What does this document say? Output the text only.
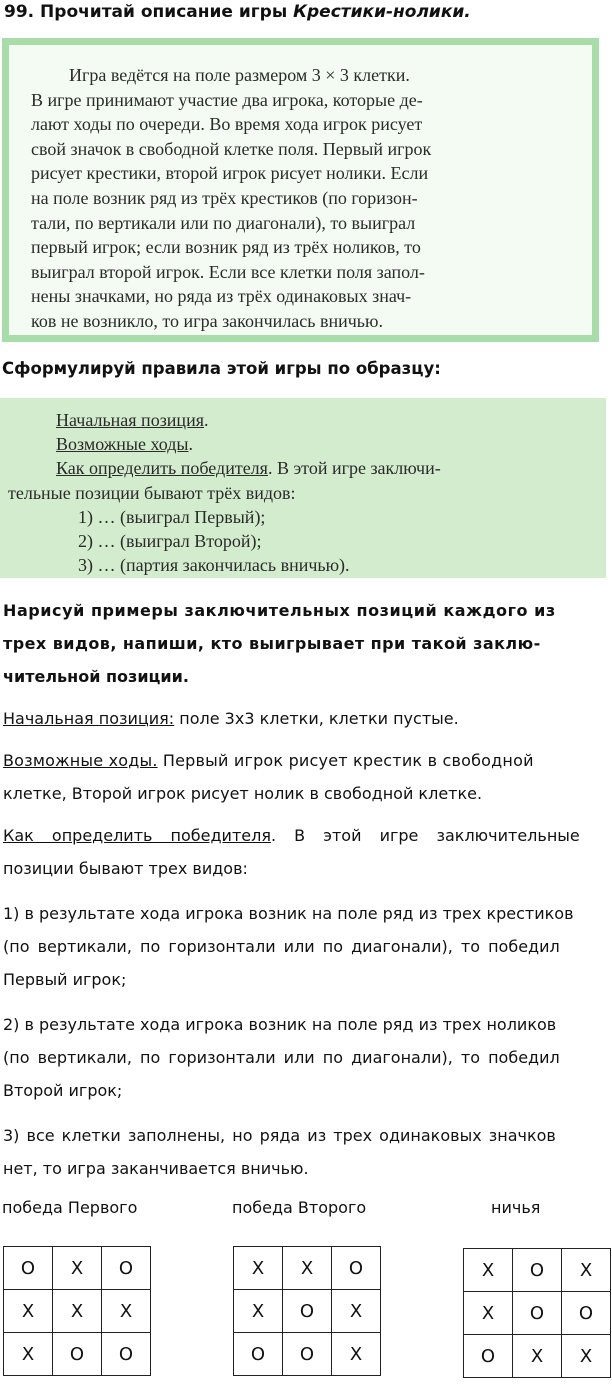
99. Прочитай описание игры Крестики-нолики.
Игра ведётся на поле размером 3 × 3 клетки.
В игре принимают участие два игрока, которые де-
лают ходы по очереди. Во время хода игрок рисует
свой значок в свободной клетке поля. Первый игрок
рисует крестики, второй игрок рисует нолики. Если
на поле возник ряд из трёх крестиков (по горизон-
тали, по вертикали или по диагонали), то выиграл
первый игрок; если возник ряд из трёх ноликов, то
выиграл второй игрок. Если все клетки поля запол-
нены значками, но ряда из трёх одинаковых знач-
ков не возникло, то игра закончилась вничью.
Сформулируй правила этой игры по образцу:
Начальная позиция.
Возможные ходы.
Как определить победителя. В этой игре заключи-
тельные позиции бывают трёх видов:
1) … (выиграл Первый);
2) … (выиграл Второй);
3) … (партия закончилась вничью).
Нарисуй примеры заключительных позиций каждого из
трех видов, напиши, кто выигрывает при такой заклю-
чительной позиции.
Начальная позиция: поле 3х3 клетки, клетки пустые.
Возможные ходы. Первый игрок рисует крестик в свободной
клетке, Второй игрок рисует нолик в свободной клетке.
Как определить победителя. В этой игре заключительные
позиции бывают трех видов:
1) в результате хода игрока возник на поле ряд из трех крестиков
(по вертикали, по горизонтали или по диагонали), то победил
Первый игрок;
2) в результате хода игрока возник на поле ряд из трех ноликов
(по вертикали, по горизонтали или по диагонали), то победил
Второй игрок;
3) все клетки заполнены, но ряда из трех одинаковых значков
нет, то игра заканчивается вничью.
победа Первого	победа Второго	ничья
О	Х	О
Х	Х	Х
Х	О	О
Х	Х	О
Х	О	Х
О	О	Х
Х	О	Х
Х	О	О
О	Х	Х
